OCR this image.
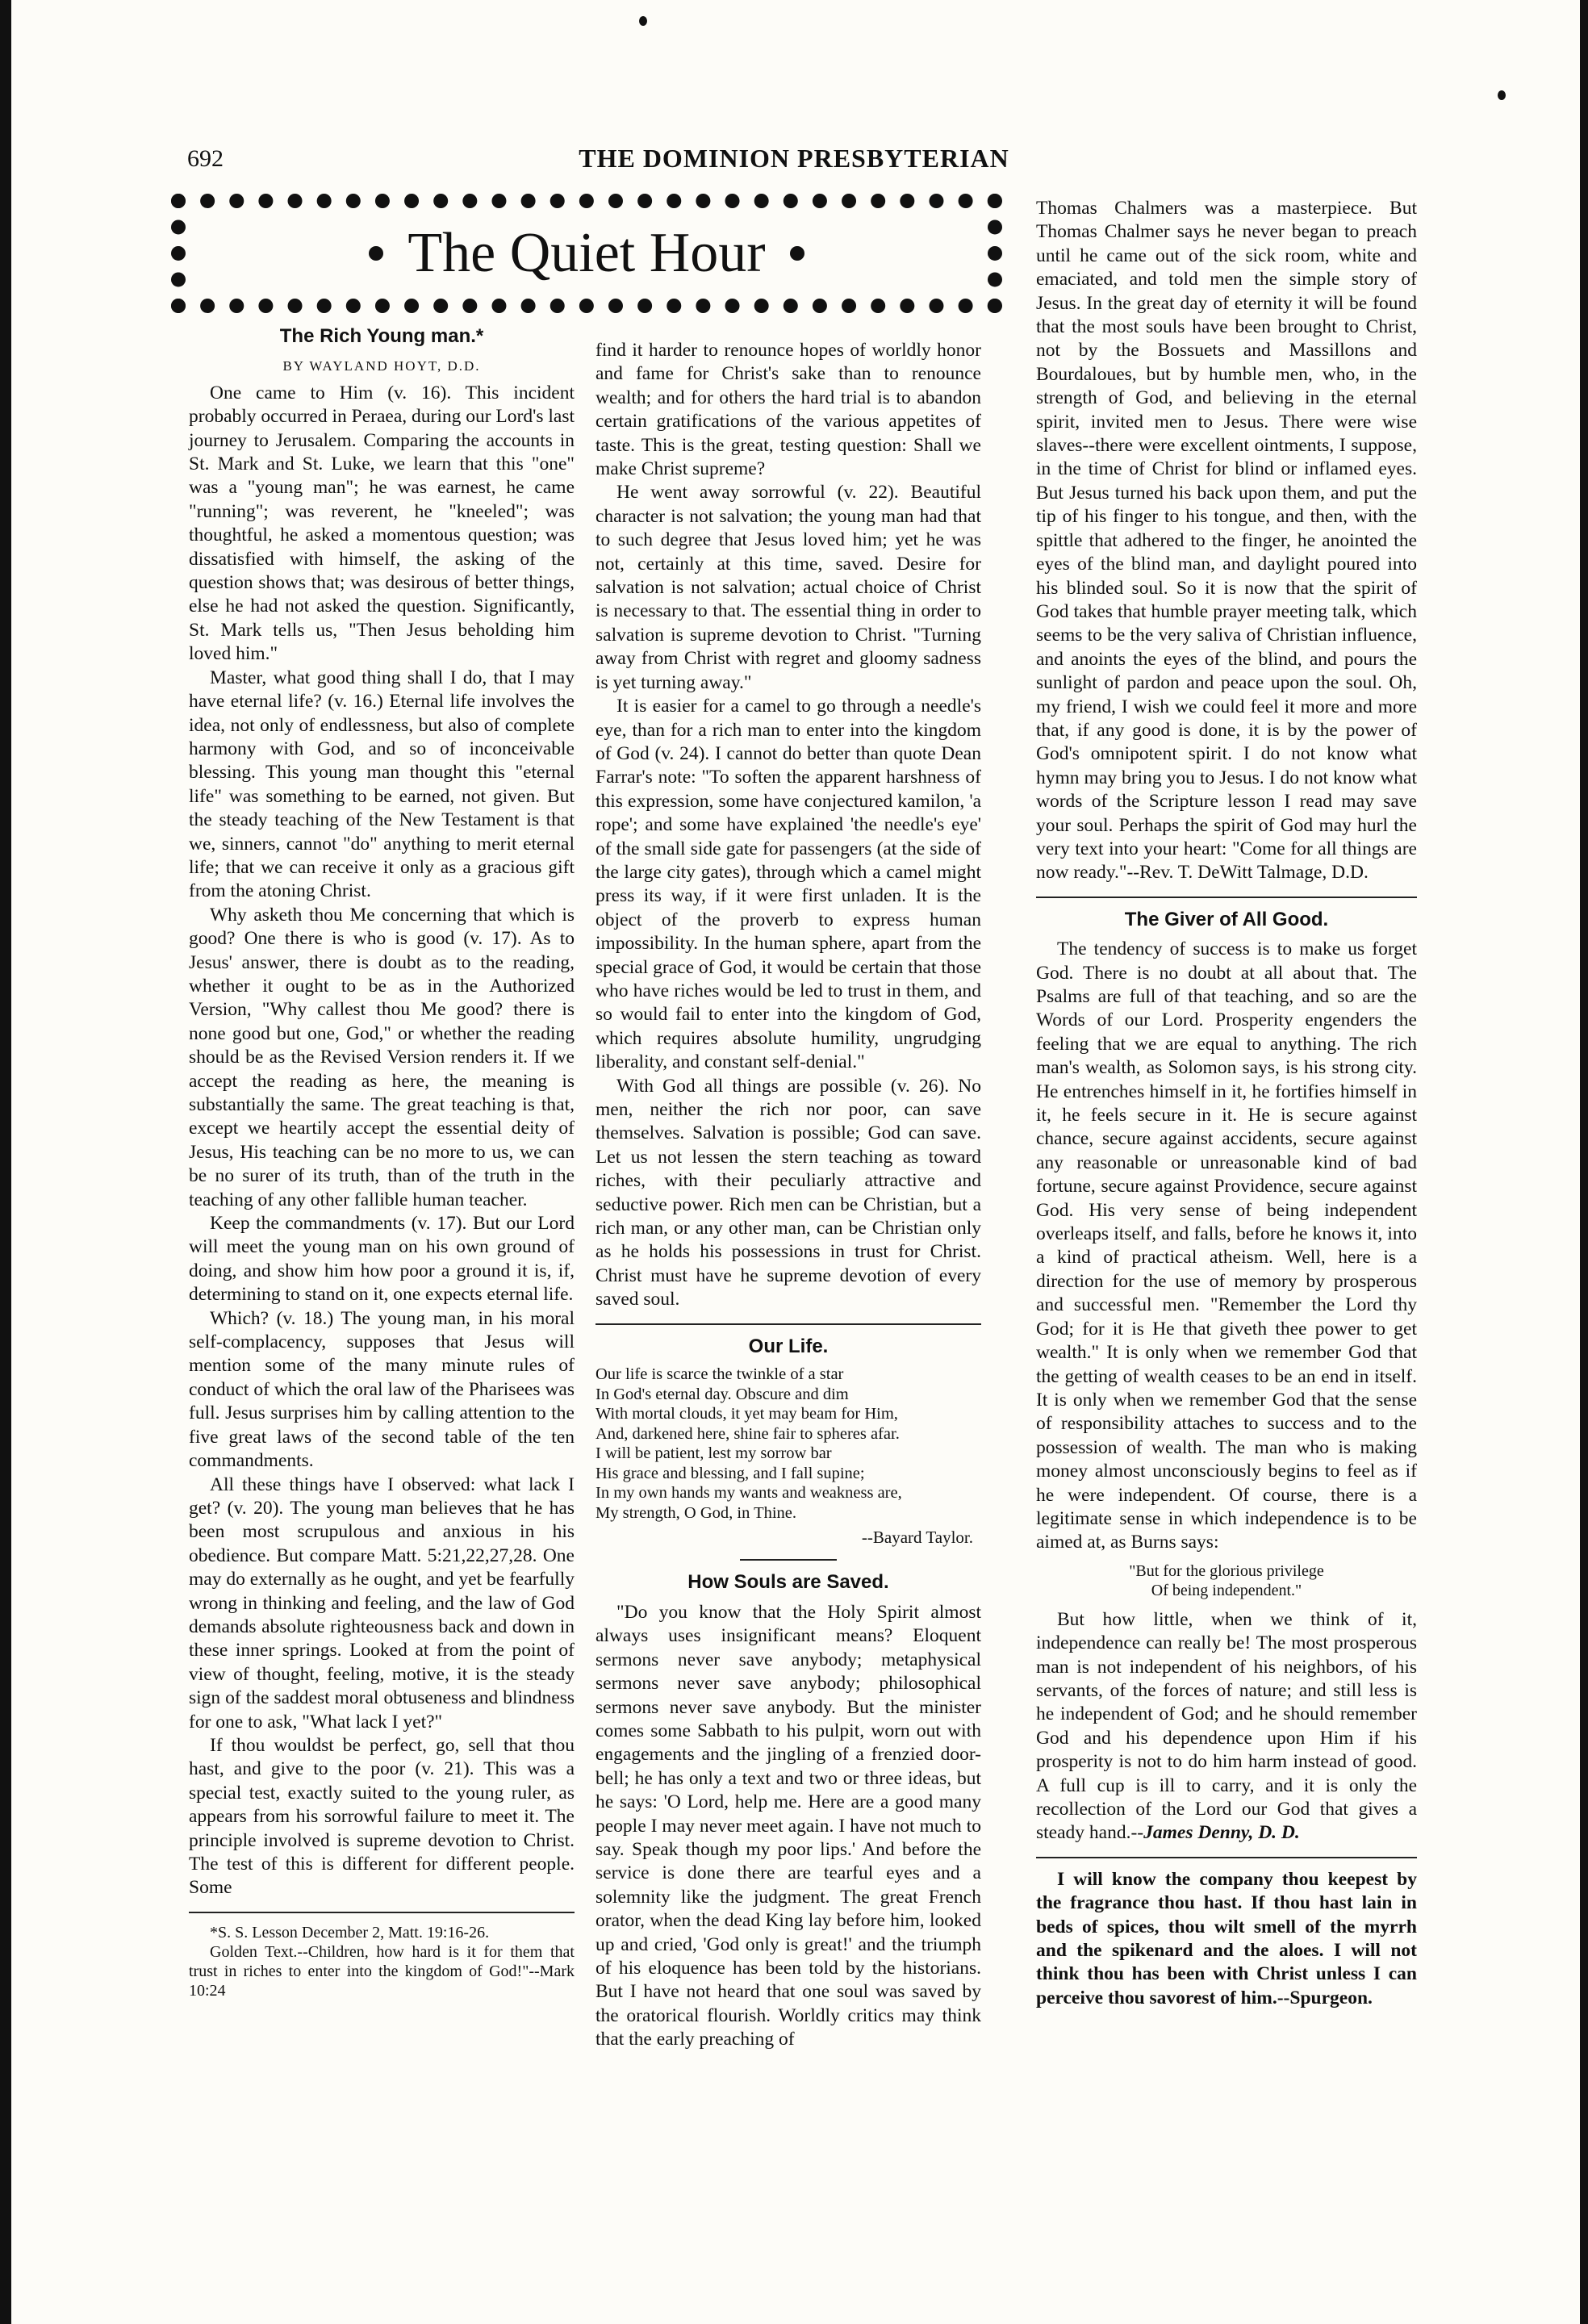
692	THE DOMINION PRESBYTERIAN
The Quiet Hour
The Rich Young man.*
BY WAYLAND HOYT, D.D.

One came to Him (v. 16). This incident probably occurred in Peraea, during our Lord's last journey to Jerusalem. Comparing the accounts in St. Mark and St. Luke, we learn that this "one" was a "young man"; he was earnest, he came "running"; was reverent, he "kneeled"; was thoughtful, he asked a momentous question; was dissatisfied with himself, the asking of the question shows that; was desirous of better things, else he had not asked the question. Significantly, St. Mark tells us, "Then Jesus beholding him loved him."

Master, what good thing shall I do, that I may have eternal life? (v. 16.) Eternal life involves the idea, not only of endlessness, but also of complete harmony with God, and so of inconceivable blessing. This young man thought this "eternal life" was something to be earned, not given. But the steady teaching of the New Testament is that we, sinners, cannot "do" anything to merit eternal life; that we can receive it only as a gracious gift from the atoning Christ.

Why asketh thou Me concerning that which is good? One there is who is good (v. 17). As to Jesus' answer, there is doubt as to the reading, whether it ought to be as in the Authorized Version, "Why callest thou Me good? there is none good but one, God," or whether the reading should be as the Revised Version renders it. If we accept the reading as here, the meaning is substantially the same. The great teaching is that, except we heartily accept the essential deity of Jesus, His teaching can be no more to us, we can be no surer of its truth, than of the truth in the teaching of any other fallible human teacher.

Keep the commandments (v. 17). But our Lord will meet the young man on his own ground of doing, and show him how poor a ground it is, if, determining to stand on it, one expects eternal life.

Which? (v. 18.) The young man, in his moral self-complacency, supposes that Jesus will mention some of the many minute rules of conduct of which the oral law of the Pharisees was full. Jesus surprises him by calling attention to the five great laws of the second table of the ten commandments.

All these things have I observed: what lack I get? (v. 20). The young man believes that he has been most scrupulous and anxious in his obedience. But compare Matt. 5:21,22,27,28. One may do externally as he ought, and yet be fearfully wrong in thinking and feeling, and the law of God demands absolute righteousness back and down in these inner springs. Looked at from the point of view of thought, feeling, motive, it is the steady sign of the saddest moral obtuseness and blindness for one to ask, "What lack I yet?"

If thou wouldst be perfect, go, sell that thou hast, and give to the poor (v. 21). This was a special test, exactly suited to the young ruler, as appears from his sorrowful failure to meet it. The principle involved is supreme devotion to Christ. The test of this is different for different people. Some

*S. S. Lesson December 2, Matt. 19:16-26.

Golden Text.--Children, how hard is it for them that trust in riches to enter into the kingdom of God!"--Mark 10:24

find it harder to renounce hopes of worldly honor and fame for Christ's sake than to renounce wealth; and for others the hard trial is to abandon certain gratifications of the various appetites of taste. This is the great, testing question: Shall we make Christ supreme?

He went away sorrowful (v. 22). Beautiful character is not salvation; the young man had that to such degree that Jesus loved him; yet he was not, certainly at this time, saved. Desire for salvation is not salvation; actual choice of Christ is necessary to that. The essential thing in order to salvation is supreme devotion to Christ. "Turning away from Christ with regret and gloomy sadness is yet turning away."

It is easier for a camel to go through a needle's eye, than for a rich man to enter into the kingdom of God (v. 24). I cannot do better than quote Dean Farrar's note: "To soften the apparent harshness of this expression, some have conjectured kamilon, 'a rope'; and some have explained 'the needle's eye' of the small side gate for passengers (at the side of the large city gates), through which a camel might press its way, if it were first unladen. It is the object of the proverb to express human impossibility. In the human sphere, apart from the special grace of God, it would be certain that those who have riches would be led to trust in them, and so would fail to enter into the kingdom of God, which requires absolute humility, ungrudging liberality, and constant self-denial."

With God all things are possible (v. 26). No men, neither the rich nor poor, can save themselves. Salvation is possible; God can save. Let us not lessen the stern teaching as toward riches, with their peculiarly attractive and seductive power. Rich men can be Christian, but a rich man, or any other man, can be Christian only as he holds his possessions in trust for Christ. Christ must have he supreme devotion of every saved soul.

Our Life.
Our life is scarce the twinkle of a star
In God's eternal day. Obscure and dim
With mortal clouds, it yet may beam for Him,
And, darkened here, shine fair to spheres afar.
I will be patient, lest my sorrow bar
His grace and blessing, and I fall supine;
In my own hands my wants and weakness are,
My strength, O God, in Thine.
--Bayard Taylor.
How Souls are Saved.

"Do you know that the Holy Spirit almost always uses insignificant means? Eloquent sermons never save anybody; metaphysical sermons never save anybody; philosophical sermons never save anybody. But the minister comes some Sabbath to his pulpit, worn out with engagements and the jingling of a frenzied door-bell; he has only a text and two or three ideas, but he says: 'O Lord, help me. Here are a good many people I may never meet again. I have not much to say. Speak though my poor lips.' And before the service is done there are tearful eyes and a solemnity like the judgment. The great French orator, when the dead King lay before him, looked up and cried, 'God only is great!' and the triumph of his eloquence has been told by the historians. But I have not heard that one soul was saved by the oratorical flourish. Worldly critics may think that the early preaching of

Thomas Chalmers was a masterpiece. But Thomas Chalmer says he never began to preach until he came out of the sick room, white and emaciated, and told men the simple story of Jesus. In the great day of eternity it will be found that the most souls have been brought to Christ, not by the Bossuets and Massillons and Bourdaloues, but by humble men, who, in the strength of God, and believing in the eternal spirit, invited men to Jesus. There were wise slaves--there were excellent ointments, I suppose, in the time of Christ for blind or inflamed eyes. But Jesus turned his back upon them, and put the tip of his finger to his tongue, and then, with the spittle that adhered to the finger, he anointed the eyes of the blind man, and daylight poured into his blinded soul. So it is now that the spirit of God takes that humble prayer meeting talk, which seems to be the very saliva of Christian influence, and anoints the eyes of the blind, and pours the sunlight of pardon and peace upon the soul. Oh, my friend, I wish we could feel it more and more that, if any good is done, it is by the power of God's omnipotent spirit. I do not know what hymn may bring you to Jesus. I do not know what words of the Scripture lesson I read may save your soul. Perhaps the spirit of God may hurl the very text into your heart: "Come for all things are now ready."--Rev. T. DeWitt Talmage, D.D.

The Giver of All Good.

The tendency of success is to make us forget God. There is no doubt at all about that. The Psalms are full of that teaching, and so are the Words of our Lord. Prosperity engenders the feeling that we are equal to anything. The rich man's wealth, as Solomon says, is his strong city. He entrenches himself in it, he fortifies himself in it, he feels secure in it. He is secure against chance, secure against accidents, secure against any reasonable or unreasonable kind of bad fortune, secure against Providence, secure against God. His very sense of being independent overleaps itself, and falls, before he knows it, into a kind of practical atheism. Well, here is a direction for the use of memory by prosperous and successful men. "Remember the Lord thy God; for it is He that giveth thee power to get wealth." It is only when we remember God that the getting of wealth ceases to be an end in itself. It is only when we remember God that the sense of responsibility attaches to success and to the possession of wealth. The man who is making money almost unconsciously begins to feel as if he were independent. Of course, there is a legitimate sense in which independence is to be aimed at, as Burns says:

"But for the glorious privilege
Of being independent."

But how little, when we think of it, independence can really be! The most prosperous man is not independent of his neighbors, of his servants, of the forces of nature; and still less is he independent of God; and he should remember God and his dependence upon Him if his prosperity is not to do him harm instead of good. A full cup is ill to carry, and it is only the recollection of the Lord our God that gives a steady hand.--James Denny, D. D.

I will know the company thou keepest by the fragrance thou hast. If thou hast lain in beds of spices, thou wilt smell of the myrrh and the spikenard and the aloes. I will not think thou has been with Christ unless I can perceive thou savorest of him.--Spurgeon.
